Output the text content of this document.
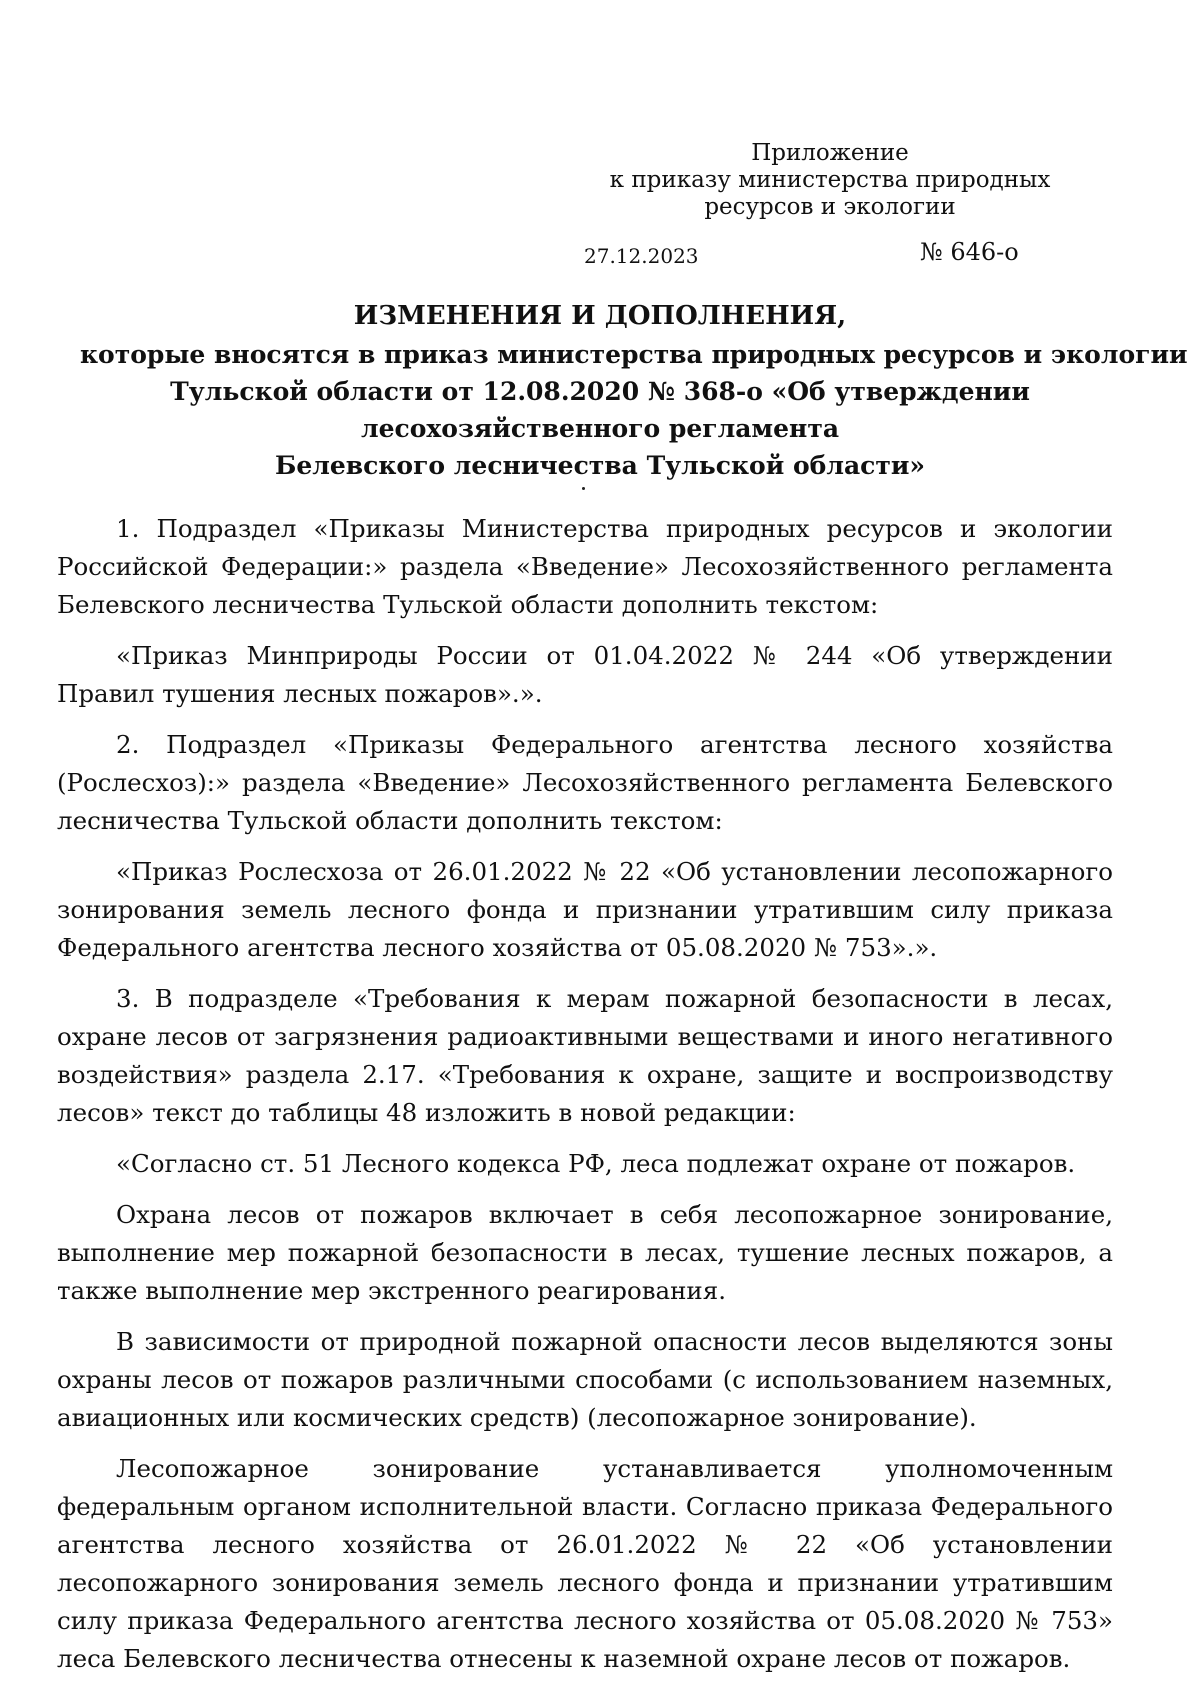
Приложение
к приказу министерства природных
ресурсов и экологии
27.12.2023	№ 646-о
ИЗМЕНЕНИЯ И ДОПОЛНЕНИЯ,
которые вносятся в приказ министерства природных ресурсов и экологии
Тульской области от 12.08.2020 № 368-о «Об утверждении
лесохозяйственного регламента
Белевского лесничества Тульской области»

1. Подраздел «Приказы Министерства природных ресурсов и экологии Российской Федерации:» раздела «Введение» Лесохозяйственного регламента Белевского лесничества Тульской области дополнить текстом:

«Приказ Минприроды России от 01.04.2022 № 244 «Об утверждении Правил тушения лесных пожаров».».

2. Подраздел «Приказы Федерального агентства лесного хозяйства (Рослесхоз):» раздела «Введение» Лесохозяйственного регламента Белевского лесничества Тульской области дополнить текстом:

«Приказ Рослесхоза от 26.01.2022 № 22 «Об установлении лесопожарного зонирования земель лесного фонда и признании утратившим силу приказа Федерального агентства лесного хозяйства от 05.08.2020 № 753».».

3. В подразделе «Требования к мерам пожарной безопасности в лесах, охране лесов от загрязнения радиоактивными веществами и иного негативного воздействия» раздела 2.17. «Требования к охране, защите и воспроизводству лесов» текст до таблицы 48 изложить в новой редакции:

«Согласно ст. 51 Лесного кодекса РФ, леса подлежат охране от пожаров.

Охрана лесов от пожаров включает в себя лесопожарное зонирование, выполнение мер пожарной безопасности в лесах, тушение лесных пожаров, а также выполнение мер экстренного реагирования.

В зависимости от природной пожарной опасности лесов выделяются зоны охраны лесов от пожаров различными способами (с использованием наземных, авиационных или космических средств) (лесопожарное зонирование).

Лесопожарное зонирование устанавливается уполномоченным федеральным органом исполнительной власти. Согласно приказа Федерального агентства лесного хозяйства от 26.01.2022 № 22 «Об установлении лесопожарного зонирования земель лесного фонда и признании утратившим силу приказа Федерального агентства лесного хозяйства от 05.08.2020 № 753» леса Белевского лесничества отнесены к наземной охране лесов от пожаров.
